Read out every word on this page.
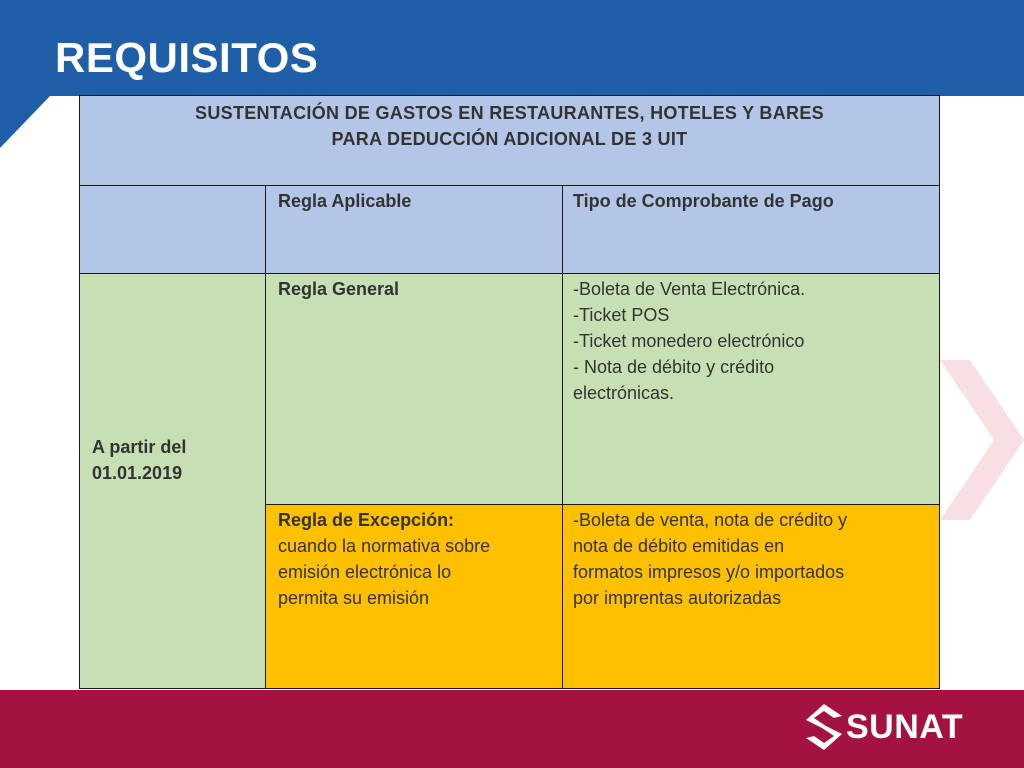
REQUISITOS
SUSTENTACIÓN DE GASTOS EN RESTAURANTES, HOTELES Y BARES
PARA DEDUCCIÓN ADICIONAL DE 3 UIT
Regla Aplicable	Tipo de Comprobante de Pago
A partir del
01.01.2019
Regla General	-Boleta de Venta Electrónica.
-Ticket POS
-Ticket monedero electrónico
- Nota de débito y crédito
electrónicas.
Regla de Excepción:
cuando la normativa sobre
emisión electrónica lo
permita su emisión
-Boleta de venta, nota de crédito y
nota de débito emitidas en
formatos impresos y/o importados
por imprentas autorizadas
SUNAT
